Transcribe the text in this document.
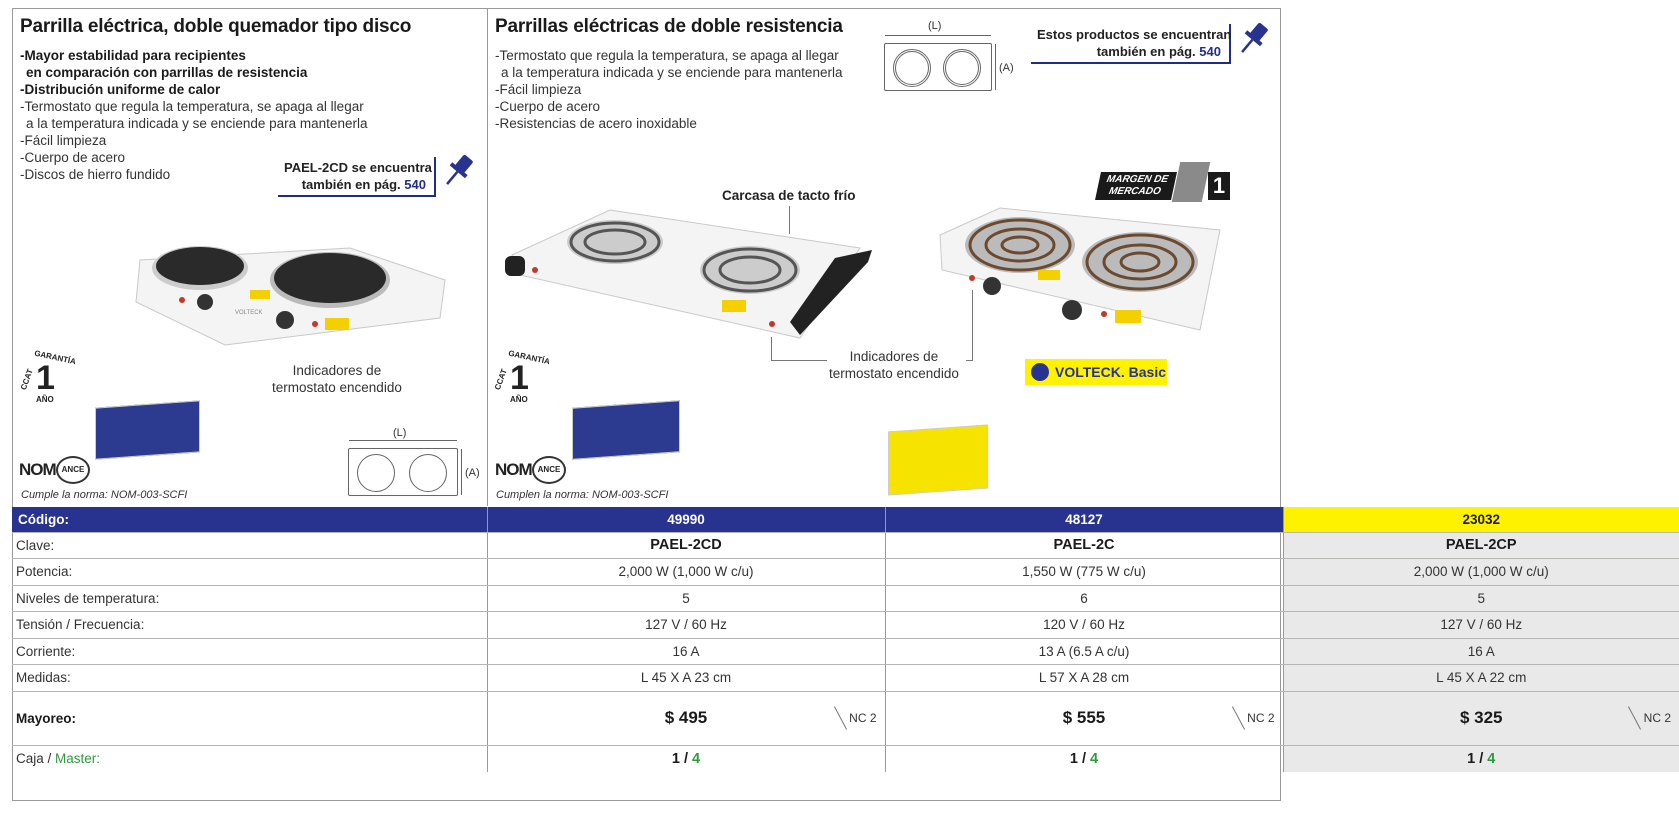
Parrilla eléctrica, doble quemador tipo disco
-Mayor estabilidad para recipientes
en comparación con parrillas de resistencia
-Distribución uniforme de calor
-Termostato que regula la temperatura, se apaga al llegar
a la temperatura indicada y se enciende para mantenerla
-Fácil limpieza
-Cuerpo de acero
-Discos de hierro fundido	PAEL-2CD se encuentra
también en pág. 540
VOLTECK
Indicadores de
termostato encendido
GARANTÍA
CCAT 1
AÑO
NOM ANCE
Cumple la norma: NOM-003-SCFI
(L)
(A)
Parrillas eléctricas de doble resistencia
-Termostato que regula la temperatura, se apaga al llegar
a la temperatura indicada y se enciende para mantenerla
-Fácil limpieza
-Cuerpo de acero
-Resistencias de acero inoxidable
(L)
(A)
Estos productos se encuentran
también en pág. 540
Carcasa de tacto frío
Indicadores de
termostato encendido
MARGEN DE
MERCADO	1
VOLTECK. Basic
GARANTÍA
CCAT 1
AÑO
NOM ANCE
Cumplen la norma: NOM-003-SCFI
Código:	49990	48127	23032
Clave:	PAEL-2CD	PAEL-2C	PAEL-2CP
Potencia:	2,000 W (1,000 W c/u)	1,550 W (775 W c/u)	2,000 W (1,000 W c/u)
Niveles de temperatura:	5	6	5
Tensión / Frecuencia:	127 V / 60 Hz	120 V / 60 Hz	127 V / 60 Hz
Corriente:	16 A	13 A (6.5 A c/u)	16 A
Medidas:	L 45 X A 23 cm	L 57 X A 28 cm	L 45 X A 22 cm
Mayoreo:	$ 495 NC 2	$ 555 NC 2	$ 325 NC 2

Caja / Master:	1 / 4	1 / 4	1 / 4
